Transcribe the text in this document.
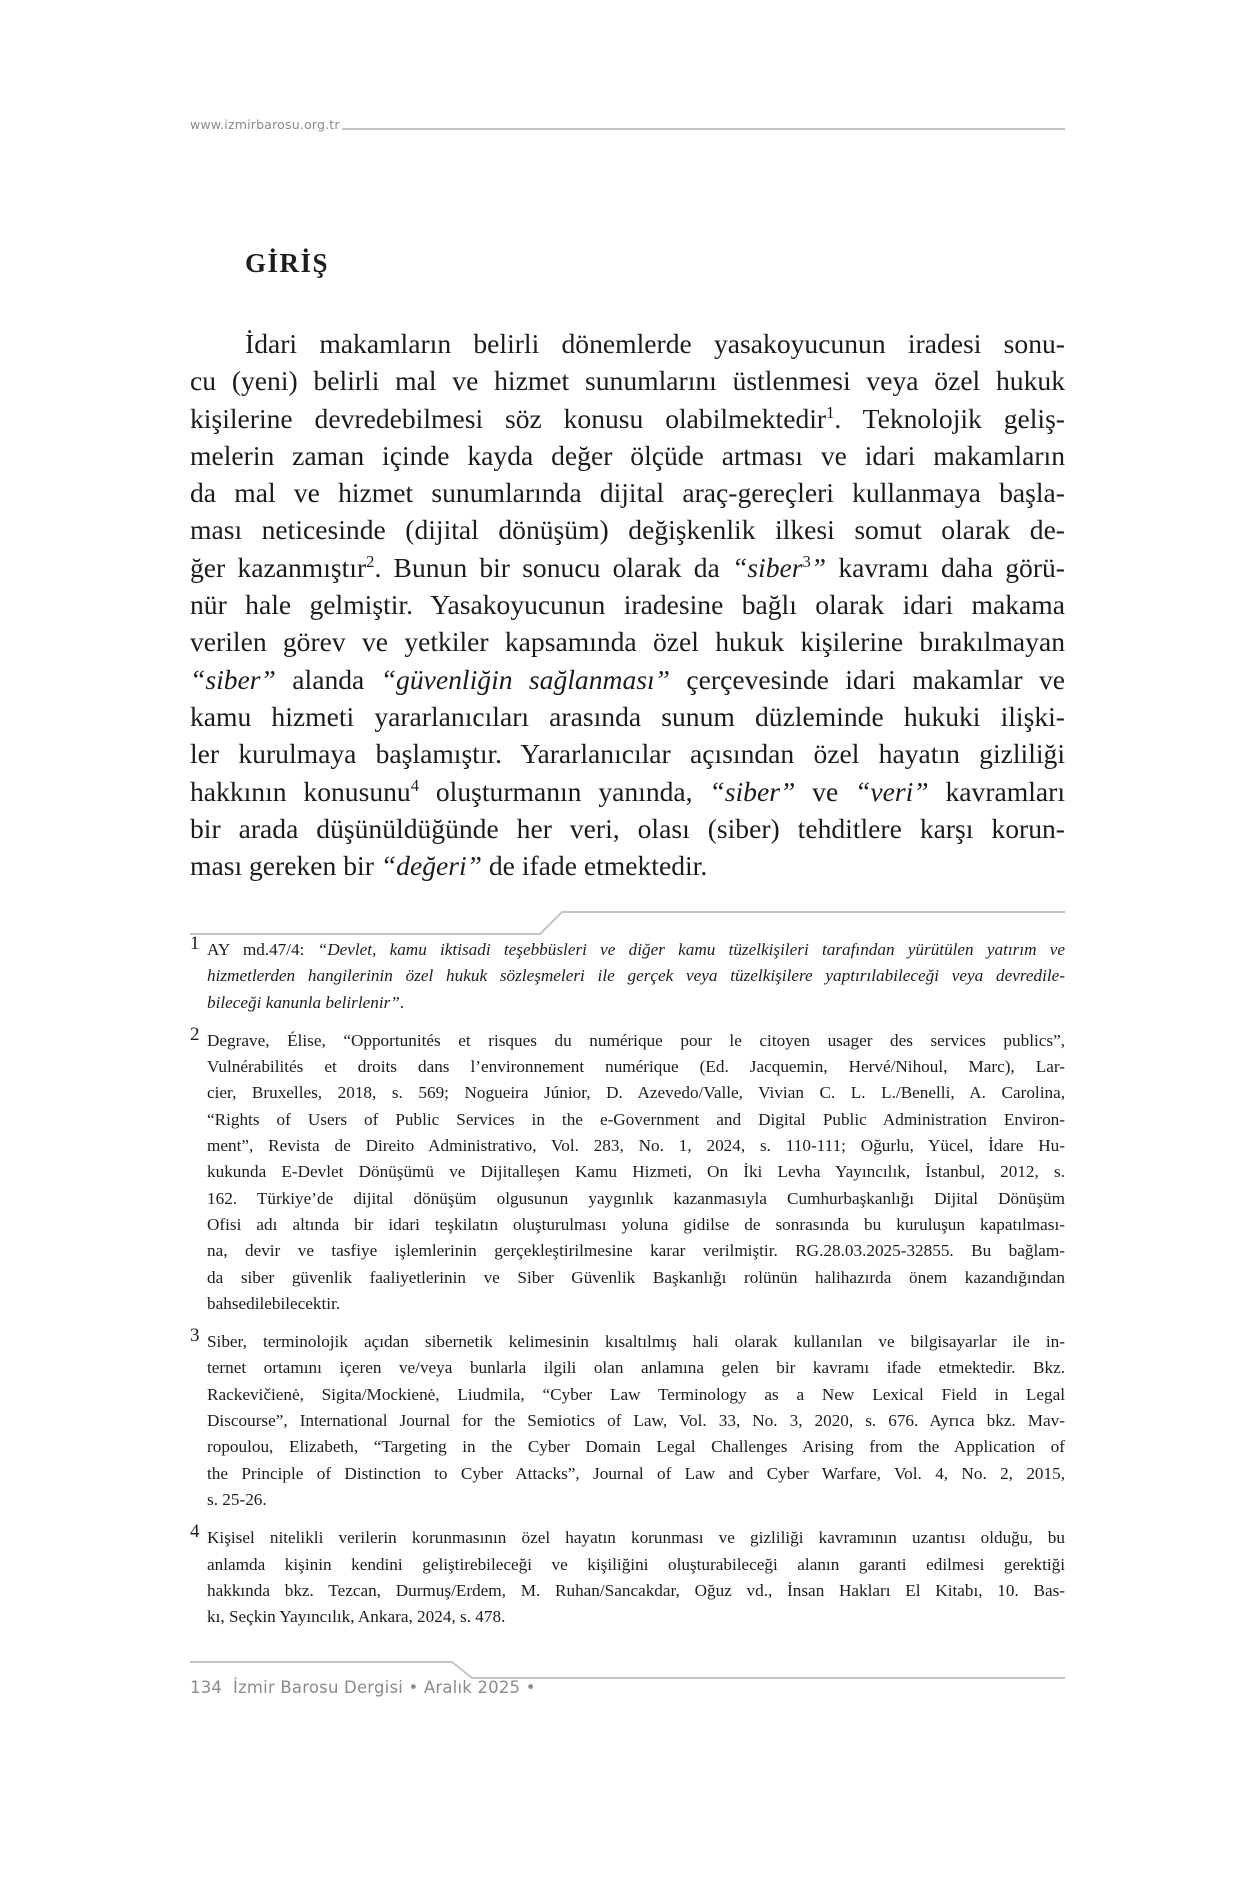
www.izmirbarosu.org.tr
GİRİŞ
İdari makamların belirli dönemlerde yasakoyucunun iradesi sonu-
cu (yeni) belirli mal ve hizmet sunumlarını üstlenmesi veya özel hukuk
kişilerine devredebilmesi söz konusu olabilmektedir$^1$. Teknolojik geliş-
melerin zaman içinde kayda değer ölçüde artması ve idari makamların
da mal ve hizmet sunumlarında dijital araç-gereçleri kullanmaya başla-
ması neticesinde (dijital dönüşüm) değişkenlik ilkesi somut olarak de-
ğer kazanmıştır$^2$. Bunun bir sonucu olarak da “siber$^3$” kavramı daha görü-
nür hale gelmiştir. Yasakoyucunun iradesine bağlı olarak idari makama
verilen görev ve yetkiler kapsamında özel hukuk kişilerine bırakılmayan
“siber” alanda “güvenliğin sağlanması” çerçevesinde idari makamlar ve
kamu hizmeti yararlanıcıları arasında sunum düzleminde hukuki ilişki-
ler kurulmaya başlamıştır. Yararlanıcılar açısından özel hayatın gizliliği
hakkının konusunu$^4$ oluşturmanın yanında, “siber” ve “veri” kavramları
bir arada düşünüldüğünde her veri, olası (siber) tehditlere karşı korun-
ması gereken bir “değeri” de ifade etmektedir.
1 AY md.47/4: “Devlet, kamu iktisadi teşebbüsleri ve diğer kamu tüzelkişileri tarafından yürütülen yatırım ve
hizmetlerden hangilerinin özel hukuk sözleşmeleri ile gerçek veya tüzelkişilere yaptırılabileceği veya devredile-
bileceği kanunla belirlenir”.
2 Degrave, Élise, “Opportunités et risques du numérique pour le citoyen usager des services publics”,
Vulnérabilités et droits dans l’environnement numérique (Ed. Jacquemin, Hervé/Nihoul, Marc), Lar-
cier, Bruxelles, 2018, s. 569; Nogueira Júnior, D. Azevedo/Valle, Vivian C. L. L./Benelli, A. Carolina,
“Rights of Users of Public Services in the e-Government and Digital Public Administration Environ-
ment”, Revista de Direito Administrativo, Vol. 283, No. 1, 2024, s. 110-111; Oğurlu, Yücel, İdare Hu-
kukunda E-Devlet Dönüşümü ve Dijitalleşen Kamu Hizmeti, On İki Levha Yayıncılık, İstanbul, 2012, s.
162. Türkiye’de dijital dönüşüm olgusunun yaygınlık kazanmasıyla Cumhurbaşkanlığı Dijital Dönüşüm
Ofisi adı altında bir idari teşkilatın oluşturulması yoluna gidilse de sonrasında bu kuruluşun kapatılması-
na, devir ve tasfiye işlemlerinin gerçekleştirilmesine karar verilmiştir. RG.28.03.2025-32855. Bu bağlam-
da siber güvenlik faaliyetlerinin ve Siber Güvenlik Başkanlığı rolünün halihazırda önem kazandığından
bahsedilebilecektir.
3 Siber, terminolojik açıdan sibernetik kelimesinin kısaltılmış hali olarak kullanılan ve bilgisayarlar ile in-
ternet ortamını içeren ve/veya bunlarla ilgili olan anlamına gelen bir kavramı ifade etmektedir. Bkz.
Rackevičienė, Sigita/Mockienė, Liudmila, “Cyber Law Terminology as a New Lexical Field in Legal
Discourse”, International Journal for the Semiotics of Law, Vol. 33, No. 3, 2020, s. 676. Ayrıca bkz. Mav-
ropoulou, Elizabeth, “Targeting in the Cyber Domain Legal Challenges Arising from the Application of
the Principle of Distinction to Cyber Attacks”, Journal of Law and Cyber Warfare, Vol. 4, No. 2, 2015,
s. 25-26.
4 Kişisel nitelikli verilerin korunmasının özel hayatın korunması ve gizliliği kavramının uzantısı olduğu, bu
anlamda kişinin kendini geliştirebileceği ve kişiliğini oluşturabileceği alanın garanti edilmesi gerektiği
hakkında bkz. Tezcan, Durmuş/Erdem, M. Ruhan/Sancakdar, Oğuz vd., İnsan Hakları El Kitabı, 10. Bas-
kı, Seçkin Yayıncılık, Ankara, 2024, s. 478.
134 İzmir Barosu Dergisi • Aralık 2025 •
